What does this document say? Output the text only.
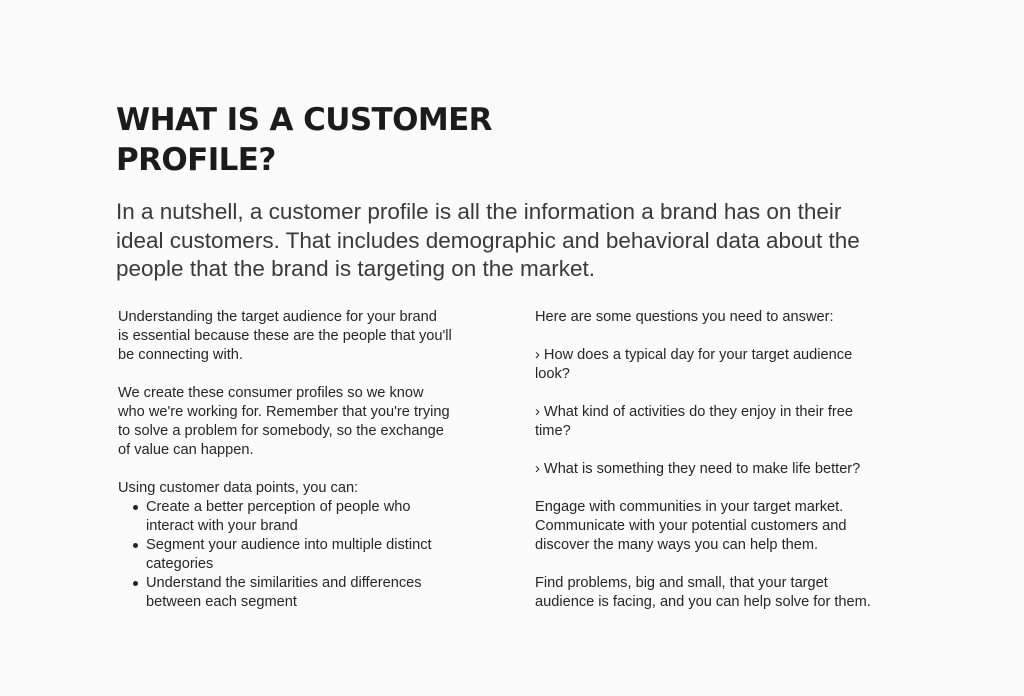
WHAT IS A CUSTOMER
PROFILE?

In a nutshell, a customer profile is all the information a brand has on their
ideal customers. That includes demographic and behavioral data about the
people that the brand is targeting on the market.

Understanding the target audience for your brand
is essential because these are the people that you'll
be connecting with.
We create these consumer profiles so we know
who we're working for. Remember that you're trying
to solve a problem for somebody, so the exchange
of value can happen.
Using customer data points, you can:
Create a better perception of people who
interact with your brand
Segment your audience into multiple distinct
categories
Understand the similarities and differences
between each segment
Here are some questions you need to answer:
› How does a typical day for your target audience
look?
› What kind of activities do they enjoy in their free
time?
› What is something they need to make life better?
Engage with communities in your target market.
Communicate with your potential customers and
discover the many ways you can help them.
Find problems, big and small, that your target
audience is facing, and you can help solve for them.
